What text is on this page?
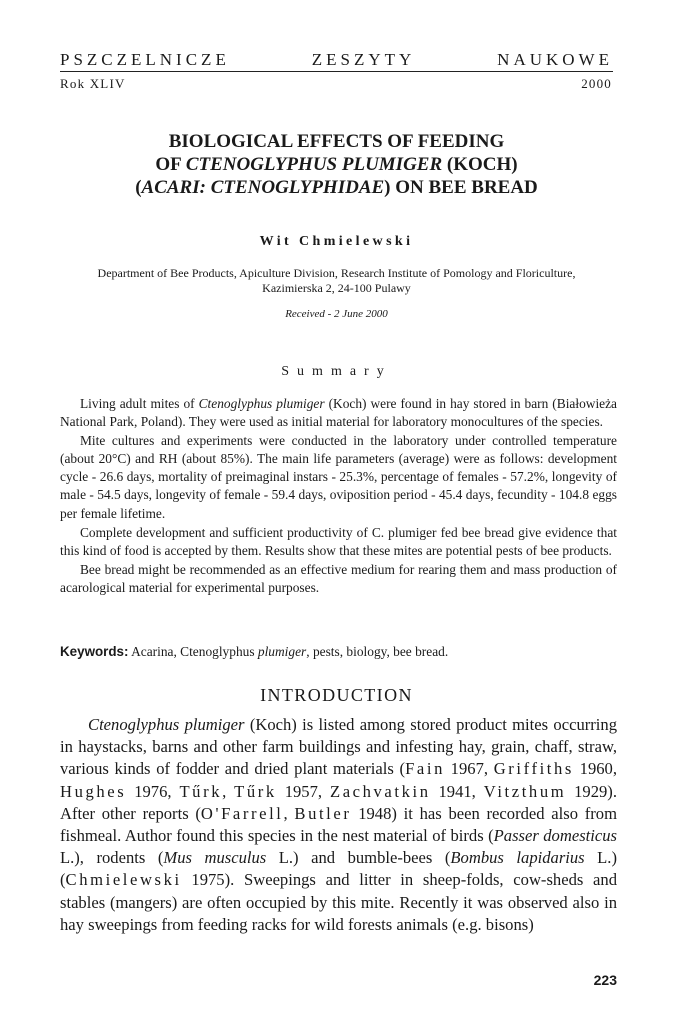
PSZCZELNICZE	ZESZYTY	NAUKOWE
Rok XLIV	2000
BIOLOGICAL EFFECTS OF FEEDING
OF CTENOGLYPHUS PLUMIGER (KOCH)
(ACARI: CTENOGLYPHIDAE) ON BEE BREAD
Wit Chmielewski
Department of Bee Products, Apiculture Division, Research Institute of Pomology and Floriculture,
Kazimierska 2, 24-100 Pulawy
Received - 2 June 2000
Summary

Living adult mites of Ctenoglyphus plumiger (Koch) were found in hay stored in barn (Białowieża National Park, Poland). They were used as initial material for laboratory monocultures of the species.

Mite cultures and experiments were conducted in the laboratory under controlled temperature (about 20°C) and RH (about 85%). The main life parameters (average) were as follows: development cycle - 26.6 days, mortality of preimaginal instars - 25.3%, percentage of females - 57.2%, longevity of male - 54.5 days, longevity of female - 59.4 days, oviposition period - 45.4 days, fecundity - 104.8 eggs per female lifetime.

Complete development and sufficient productivity of C. plumiger fed bee bread give evidence that this kind of food is accepted by them. Results show that these mites are potential pests of bee products.

Bee bread might be recommended as an effective medium for rearing them and mass production of acarological material for experimental purposes.

Keywords: Acarina, Ctenoglyphus plumiger, pests, biology, bee bread.
INTRODUCTION

Ctenoglyphus plumiger (Koch) is listed among stored product mites occurring in haystacks, barns and other farm buildings and infesting hay, grain, chaff, straw, various kinds of fodder and dried plant materials (Fain 1967, Griffiths 1960, Hughes 1976, Tűrk, Tűrk 1957, Zachvatkin 1941, Vitzthum 1929). After other reports (O'Farrell, Butler 1948) it has been recorded also from fishmeal. Author found this species in the nest material of birds (Passer domesticus L.), rodents (Mus musculus L.) and bumble-bees (Bombus lapidarius L.) (Chmielewski 1975). Sweepings and litter in sheep-folds, cow-sheds and stables (mangers) are often occupied by this mite. Recently it was observed also in hay sweepings from feeding racks for wild forests animals (e.g. bisons)

223
